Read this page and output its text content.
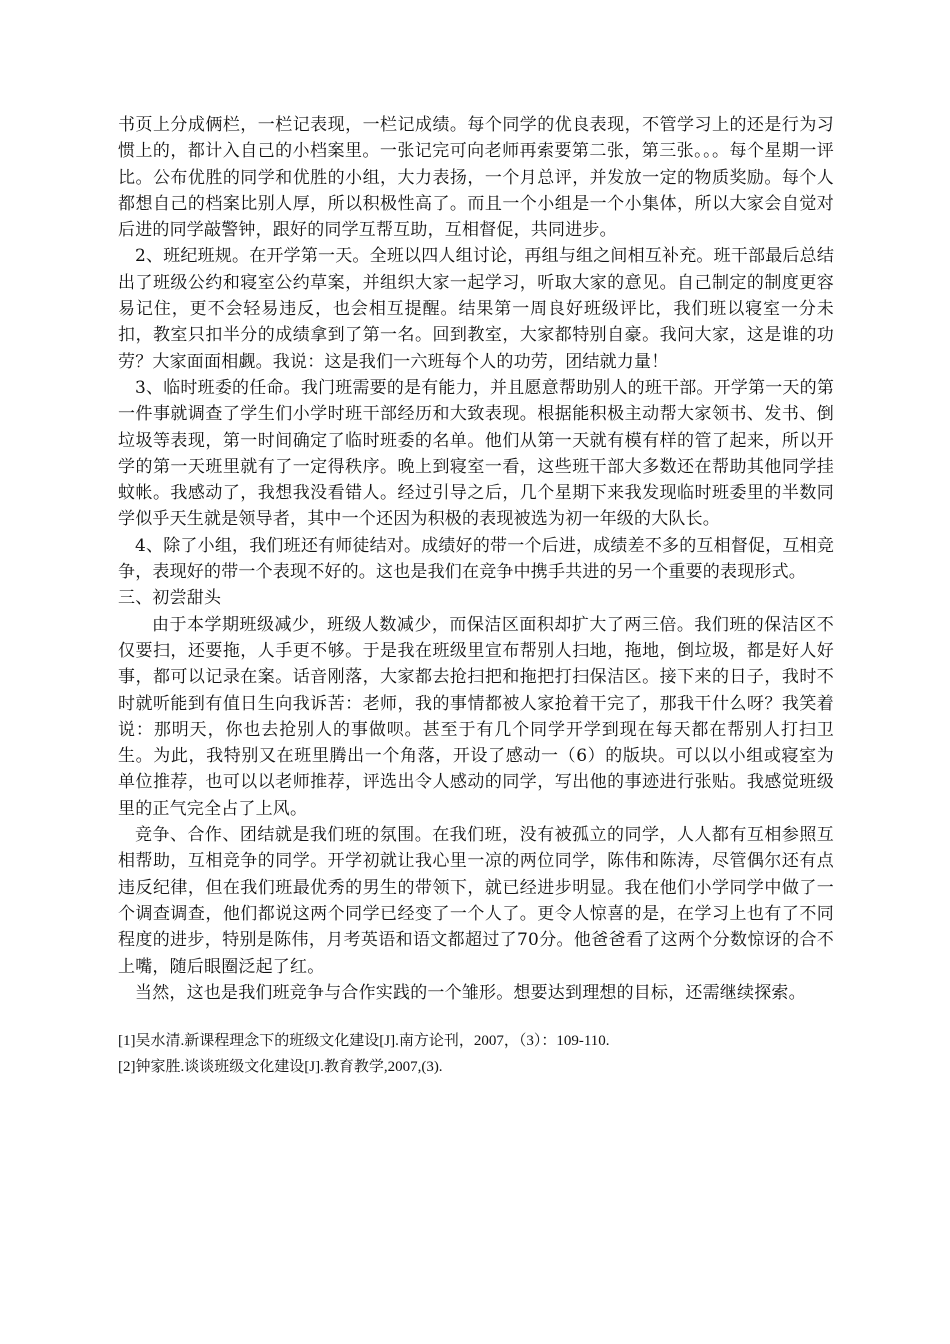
书页上分成俩栏，一栏记表现，一栏记成绩。每个同学的优良表现，不管学习上的还是行为习惯上的，都计入自己的小档案里。一张记完可向老师再索要第二张，第三张。。。每个星期一评比。公布优胜的同学和优胜的小组，大力表扬，一个月总评，并发放一定的物质奖励。每个人都想自己的档案比别人厚，所以积极性高了。而且一个小组是一个小集体，所以大家会自觉对后进的同学敲警钟，跟好的同学互帮互助，互相督促，共同进步。

2、班纪班规。在开学第一天。全班以四人组讨论，再组与组之间相互补充。班干部最后总结出了班级公约和寝室公约草案，并组织大家一起学习，听取大家的意见。自己制定的制度更容易记住，更不会轻易违反，也会相互提醒。结果第一周良好班级评比，我们班以寝室一分未扣，教室只扣半分的成绩拿到了第一名。回到教室，大家都特别自豪。我问大家，这是谁的功劳？大家面面相觑。我说：这是我们一六班每个人的功劳，团结就力量！

3、临时班委的任命。我门班需要的是有能力，并且愿意帮助别人的班干部。开学第一天的第一件事就调查了学生们小学时班干部经历和大致表现。根据能积极主动帮大家领书、发书、倒垃圾等表现，第一时间确定了临时班委的名单。他们从第一天就有模有样的管了起来，所以开学的第一天班里就有了一定得秩序。晚上到寝室一看，这些班干部大多数还在帮助其他同学挂蚊帐。我感动了，我想我没看错人。经过引导之后，几个星期下来我发现临时班委里的半数同学似乎天生就是领导者，其中一个还因为积极的表现被选为初一年级的大队长。

4、除了小组，我们班还有师徒结对。成绩好的带一个后进，成绩差不多的互相督促，互相竞争，表现好的带一个表现不好的。这也是我们在竞争中携手共进的另一个重要的表现形式。

三、初尝甜头

由于本学期班级减少，班级人数减少，而保洁区面积却扩大了两三倍。我们班的保洁区不仅要扫，还要拖，人手更不够。于是我在班级里宣布帮别人扫地，拖地，倒垃圾，都是好人好事，都可以记录在案。话音刚落，大家都去抢扫把和拖把打扫保洁区。接下来的日子，我时不时就听能到有值日生向我诉苦：老师，我的事情都被人家抢着干完了，那我干什么呀？我笑着说：那明天，你也去抢别人的事做呗。甚至于有几个同学开学到现在每天都在帮别人打扫卫生。为此，我特别又在班里腾出一个角落，开设了感动一（6）的版块。可以以小组或寝室为单位推荐，也可以以老师推荐，评选出令人感动的同学，写出他的事迹进行张贴。我感觉班级里的正气完全占了上风。

竞争、合作、团结就是我们班的氛围。在我们班，没有被孤立的同学，人人都有互相参照互相帮助，互相竞争的同学。开学初就让我心里一凉的两位同学，陈伟和陈涛，尽管偶尔还有点违反纪律，但在我们班最优秀的男生的带领下，就已经进步明显。我在他们小学同学中做了一个调查调查，他们都说这两个同学已经变了一个人了。更令人惊喜的是，在学习上也有了不同程度的进步，特别是陈伟，月考英语和语文都超过了70分。他爸爸看了这两个分数惊讶的合不上嘴，随后眼圈泛起了红。

当然，这也是我们班竞争与合作实践的一个雏形。想要达到理想的目标，还需继续探索。

[1]吴水清.新课程理念下的班级文化建设[J].南方论刊，2007，（3）：109-110.

[2]钟家胜.谈谈班级文化建设[J].教育教学,2007,(3).
